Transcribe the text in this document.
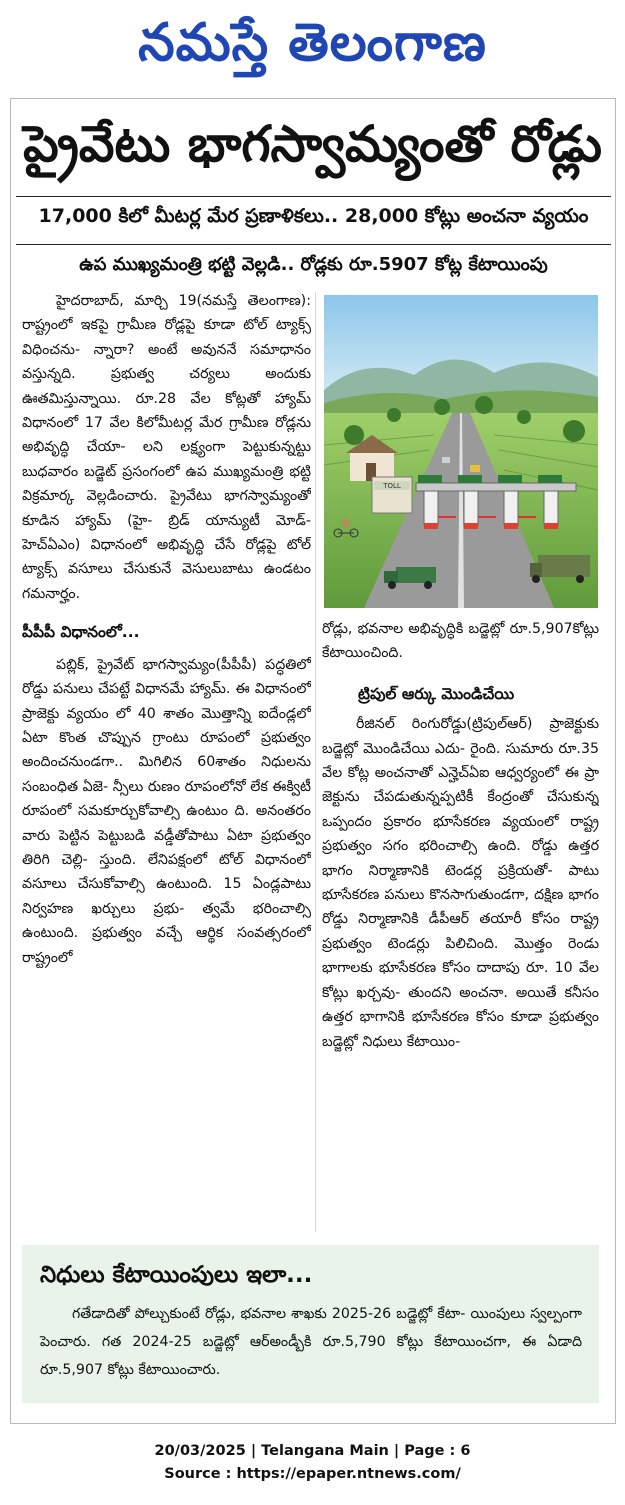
నమస్తే తెలంగాణ
ప్రైవేటు భాగస్వామ్యంతో రోడ్లు
17,000 కిలో మీటర్ల మేర ప్రణాళికలు.. 28,000 కోట్లు అంచనా వ్యయం
ఉప ముఖ్యమంత్రి భట్టి వెల్లడి.. రోడ్లకు రూ.5907 కోట్ల కేటాయింపు

హైదరాబాద్, మార్చి 19(నమస్తే తెలంగాణ): రాష్ట్రంలో ఇకపై గ్రామీణ రోడ్లపై కూడా టోల్ ట్యాక్స్ విధించను- న్నారా? అంటే అవుననే సమాధానం వస్తున్నది. ప్రభుత్వ చర్యలు అందుకు ఊతమిస్తున్నాయి. రూ.28 వేల కోట్లతో హ్యామ్ విధానంలో 17 వేల కిలోమీటర్ల మేర గ్రామీణ రోడ్లను అభివృద్ధి చేయా- లని లక్ష్యంగా పెట్టుకున్నట్టు బుధవారం బడ్జెట్ ప్రసంగంలో ఉప ముఖ్యమంత్రి భట్టి విక్రమార్క వెల్లడించారు. ప్రైవేటు భాగస్వామ్యంతో కూడిన హ్యామ్ (హై- బ్రిడ్ యాన్యుటీ మోడ్- హెచ్ఏఎం) విధానంలో అభివృద్ధి చేసే రోడ్లపై టోల్ ట్యాక్స్ వసూలు చేసుకునే వెసులుబాటు ఉండటం గమనార్హం.

పీపీపీ విధానంలో...

పబ్లిక్, ప్రైవేట్ భాగస్వామ్యం(పీపీపీ) పద్ధతిలో రోడ్డు పనులు చేపట్టే విధానమే హ్యామ్. ఈ విధానంలో ప్రాజెక్టు వ్యయం లో 40 శాతం మొత్తాన్ని ఐదేండ్లలో ఏటా కొంత చొప్పున గ్రాంటు రూపంలో ప్రభుత్వం అందించనుండగా.. మిగిలిన 60శాతం నిధులను సంబంధిత ఏజె- న్సీలు రుణం రూపంలోనో లేక ఈక్విటీ రూపంలో సమకూర్చుకోవాల్సి ఉంటుం ది. అనంతరం వారు పెట్టిన పెట్టుబడి వడ్డీతోపాటు ఏటా ప్రభుత్వం తిరిగి చెల్లి- స్తుంది. లేనిపక్షంలో టోల్ విధానంలో వసూలు చేసుకోవాల్సి ఉంటుంది. 15 ఏండ్లపాటు నిర్వహణ ఖర్చులు ప్రభు- త్వమే భరించాల్సి ఉంటుంది. ప్రభుత్వం వచ్చే ఆర్థిక సంవత్సరంలో రాష్ట్రంలో

TOLL

రోడ్లు, భవనాల అభివృద్ధికి బడ్జెట్లో రూ.5,907కోట్లు కేటాయించింది.

ట్రిపుల్ ఆర్కు మొండిచేయి

రీజినల్ రింగురోడ్డు(ట్రిపుల్ఆర్) ప్రాజెక్టుకు బడ్జెట్లో మొండిచేయి ఎదు- రైంది. సుమారు రూ.35 వేల కోట్ల అంచనాతో ఎన్హెచ్ఏఐ ఆధ్వర్యంలో ఈ ప్రా జెక్టును చేపడుతున్నప్పటికీ కేంద్రంతో చేసుకున్న ఒప్పందం ప్రకారం భూసేకరణ వ్యయంలో రాష్ట్ర ప్రభుత్వం సగం భరించాల్సి ఉంది. రోడ్డు ఉత్తర భాగం నిర్మాణానికి టెండర్ల ప్రక్రియతో- పాటు భూసేకరణ పనులు కొనసాగుతుండగా, దక్షిణ భాగం రోడ్డు నిర్మాణానికి డీపీఆర్ తయారీ కోసం రాష్ట్ర ప్రభుత్వం టెండర్లు పిలిచింది. మొత్తం రెండు భాగాలకు భూసేకరణ కోసం దాదాపు రూ. 10 వేల కోట్లు ఖర్చవు- తుందని అంచనా. అయితే కనీసం ఉత్తర భాగానికి భూసేకరణ కోసం కూడా ప్రభుత్వం బడ్జెట్లో నిధులు కేటాయిం-

నిధులు కేటాయింపులు ఇలా...
గతేడాదితో పోల్చుకుంటే రోడ్లు, భవనాల శాఖకు 2025-26 బడ్జెట్లో కేటా- యింపులు స్వల్పంగా పెంచారు. గత 2024-25 బడ్జెట్లో ఆర్అండ్బీకి రూ.5,790 కోట్లు కేటాయించగా, ఈ ఏడాది రూ.5,907 కోట్లు కేటాయించారు.
20/03/2025 | Telangana Main | Page : 6
Source : https://epaper.ntnews.com/
